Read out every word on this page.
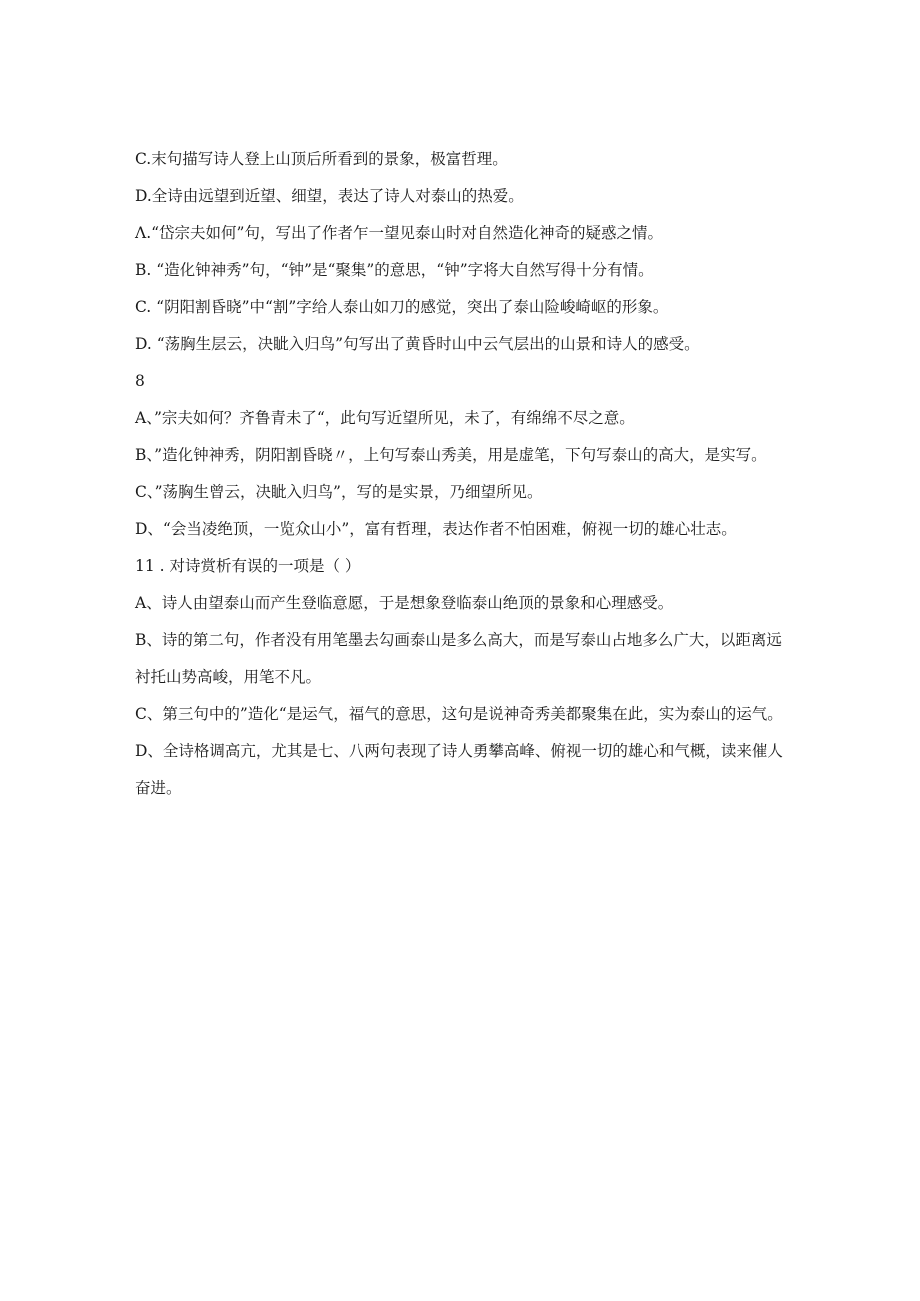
C.末句描写诗人登上山顶后所看到的景象，极富哲理。

D.全诗由远望到近望、细望，表达了诗人对泰山的热爱。

Λ.“岱宗夫如何”句，写出了作者乍一望见泰山时对自然造化神奇的疑惑之情。

B. “造化钟神秀”句，“钟”是“聚集”的意思，“钟”字将大自然写得十分有情。

C. “阴阳割昏晓”中“割”字给人泰山如刀的感觉，突出了泰山险峻崎岖的形象。

D. “荡胸生层云，决眦入归鸟”句写出了黄昏时山中云气层出的山景和诗人的感受。

8

A、”宗夫如何？齐鲁青未了“，此句写近望所见，未了，有绵绵不尽之意。

B、”造化钟神秀，阴阳割昏晓〃，上句写泰山秀美，用是虚笔，下句写泰山的高大，是实写。

C、”荡胸生曾云，决眦入归鸟”，写的是实景，乃细望所见。

D、“会当凌绝顶，一览众山小”，富有哲理，表达作者不怕困难，俯视一切的雄心壮志。

11 . 对诗赏析有误的一项是（ ）

A、诗人由望泰山而产生登临意愿，于是想象登临泰山绝顶的景象和心理感受。

B、诗的第二句，作者没有用笔墨去勾画泰山是多么高大，而是写泰山占地多么广大，以距离远
衬托山势高峻，用笔不凡。

C、第三句中的”造化“是运气，福气的意思，这句是说神奇秀美都聚集在此，实为泰山的运气。

D、全诗格调高亢，尤其是七、八两句表现了诗人勇攀高峰、俯视一切的雄心和气概，读来催人
奋进。
